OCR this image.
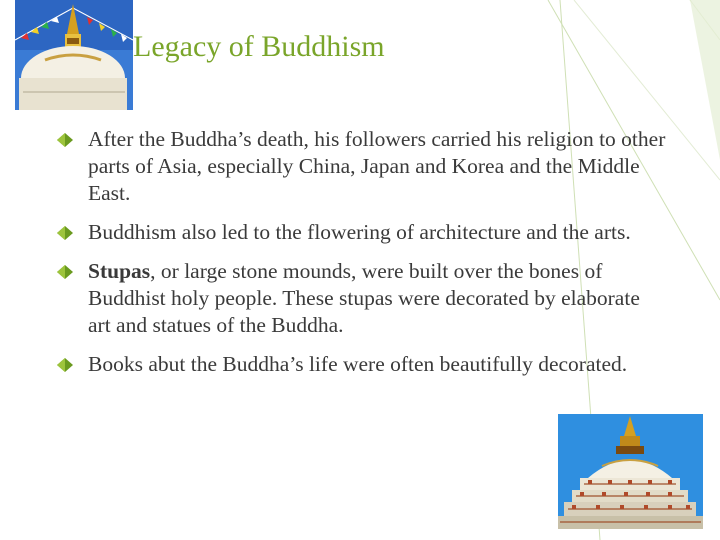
Legacy of Buddhism
After the Buddha’s death, his followers carried his religion to other parts of Asia, especially China, Japan and Korea and the Middle East.
Buddhism also led to the flowering of architecture and the arts.
Stupas, or large stone mounds, were built over the bones of Buddhist holy people. These stupas were decorated by elaborate art and statues of the Buddha.
Books abut the Buddha’s life were often beautifully decorated.
